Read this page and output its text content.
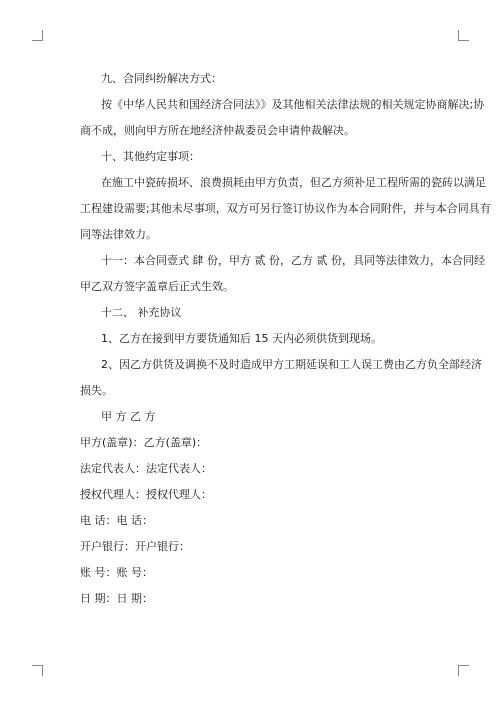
九、合同纠纷解决方式：

按《中华人民共和国经济合同法》》及其他相关法律法规的相关规定协商解决;协

商不成，则向甲方所在地经济仲裁委员会申请仲裁解决。

十、其他约定事项：

在施工中瓷砖损坏、浪费损耗由甲方负责，但乙方须补足工程所需的瓷砖以满足

工程建设需要;其他未尽事项，双方可另行签订协议作为本合同附件，并与本合同具有

同等法律效力。

十一：本合同壹式 肆 份，甲方 贰 份，乙方 贰 份，具同等法律效力，本合同经

甲乙双方签字盖章后正式生效。

十二、 补充协议

1、乙方在接到甲方要货通知后 15 天内必须供货到现场。

2、因乙方供货及调换不及时造成甲方工期延误和工人误工费由乙方负全部经济

损失。

甲 方 乙 方

甲方(盖章)：乙方(盖章)：

法定代表人：法定代表人：

授权代理人：授权代理人：

电 话：电 话：

开户银行：开户银行：

账 号：账 号：

日 期：日 期：
